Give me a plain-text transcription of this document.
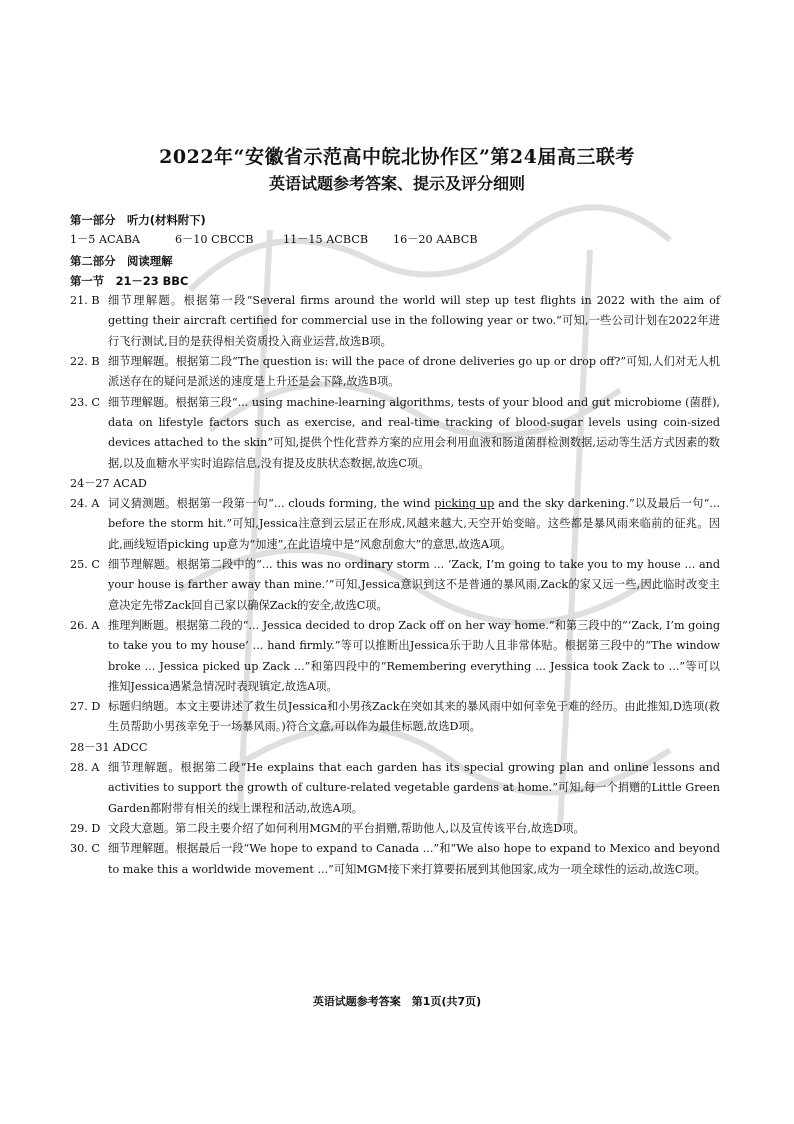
2022年“安徽省示范高中皖北协作区”第24届高三联考
英语试题参考答案、提示及评分细则
第一部分　听力(材料附下)
1－5 ACABA	6－10 CBCCB	11－15 ACBCB 16－20 AABCB
第二部分　阅读理解
第一节　21－23 BBC
21. B 细节理解题。根据第一段“Several firms around the world will step up test flights in 2022 with the aim of getting their aircraft certified for commercial use in the following year or two.”可知,一些公司计划在2022年进行飞行测试,目的是获得相关资质投入商业运营,故选B项。
22. B 细节理解题。根据第二段“The question is: will the pace of drone deliveries go up or drop off?”可知,人们对无人机派送存在的疑问是派送的速度是上升还是会下降,故选B项。
23. C 细节理解题。根据第三段“... using machine-learning algorithms, tests of your blood and gut microbiome (菌群), data on lifestyle factors such as exercise, and real-time tracking of blood-sugar levels using coin-sized devices attached to the skin”可知,提供个性化营养方案的应用会利用血液和肠道菌群检测数据,运动等生活方式因素的数据,以及血糖水平实时追踪信息,没有提及皮肤状态数据,故选C项。
24－27 ACAD
24. A 词义猜测题。根据第一段第一句“... clouds forming, the wind picking up and the sky darkening.”以及最后一句“... before the storm hit.”可知,Jessica注意到云层正在形成,风越来越大,天空开始变暗。这些都是暴风雨来临前的征兆。因此,画线短语picking up意为“加速”,在此语境中是“风愈刮愈大”的意思,故选A项。
25. C 细节理解题。根据第二段中的“... this was no ordinary storm ... ‘Zack, I’m going to take you to my house ... and your house is farther away than mine.’”可知,Jessica意识到这不是普通的暴风雨,Zack的家又远一些,因此临时改变主意决定先带Zack回自己家以确保Zack的安全,故选C项。
26. A 推理判断题。根据第二段的“... Jessica decided to drop Zack off on her way home.”和第三段中的“‘Zack, I’m going to take you to my house’ ... hand firmly.”等可以推断出Jessica乐于助人且非常体贴。根据第三段中的“The window broke ... Jessica picked up Zack ...”和第四段中的“Remembering everything ... Jessica took Zack to ...”等可以推知Jessica遇紧急情况时表现镇定,故选A项。
27. D 标题归纳题。本文主要讲述了救生员Jessica和小男孩Zack在突如其来的暴风雨中如何幸免于难的经历。由此推知,D选项(救生员帮助小男孩幸免于一场暴风雨。)符合文意,可以作为最佳标题,故选D项。
28－31 ADCC
28. A 细节理解题。根据第二段“He explains that each garden has its special growing plan and online lessons and activities to support the growth of culture-related vegetable gardens at home.”可知,每一个捐赠的Little Green Garden都附带有相关的线上课程和活动,故选A项。
29. D 文段大意题。第二段主要介绍了如何利用MGM的平台捐赠,帮助他人,以及宣传该平台,故选D项。
30. C 细节理解题。根据最后一段“We hope to expand to Canada ...”和“We also hope to expand to Mexico and beyond to make this a worldwide movement ...”可知MGM接下来打算要拓展到其他国家,成为一项全球性的运动,故选C项。
英语试题参考答案　第1页(共7页)
